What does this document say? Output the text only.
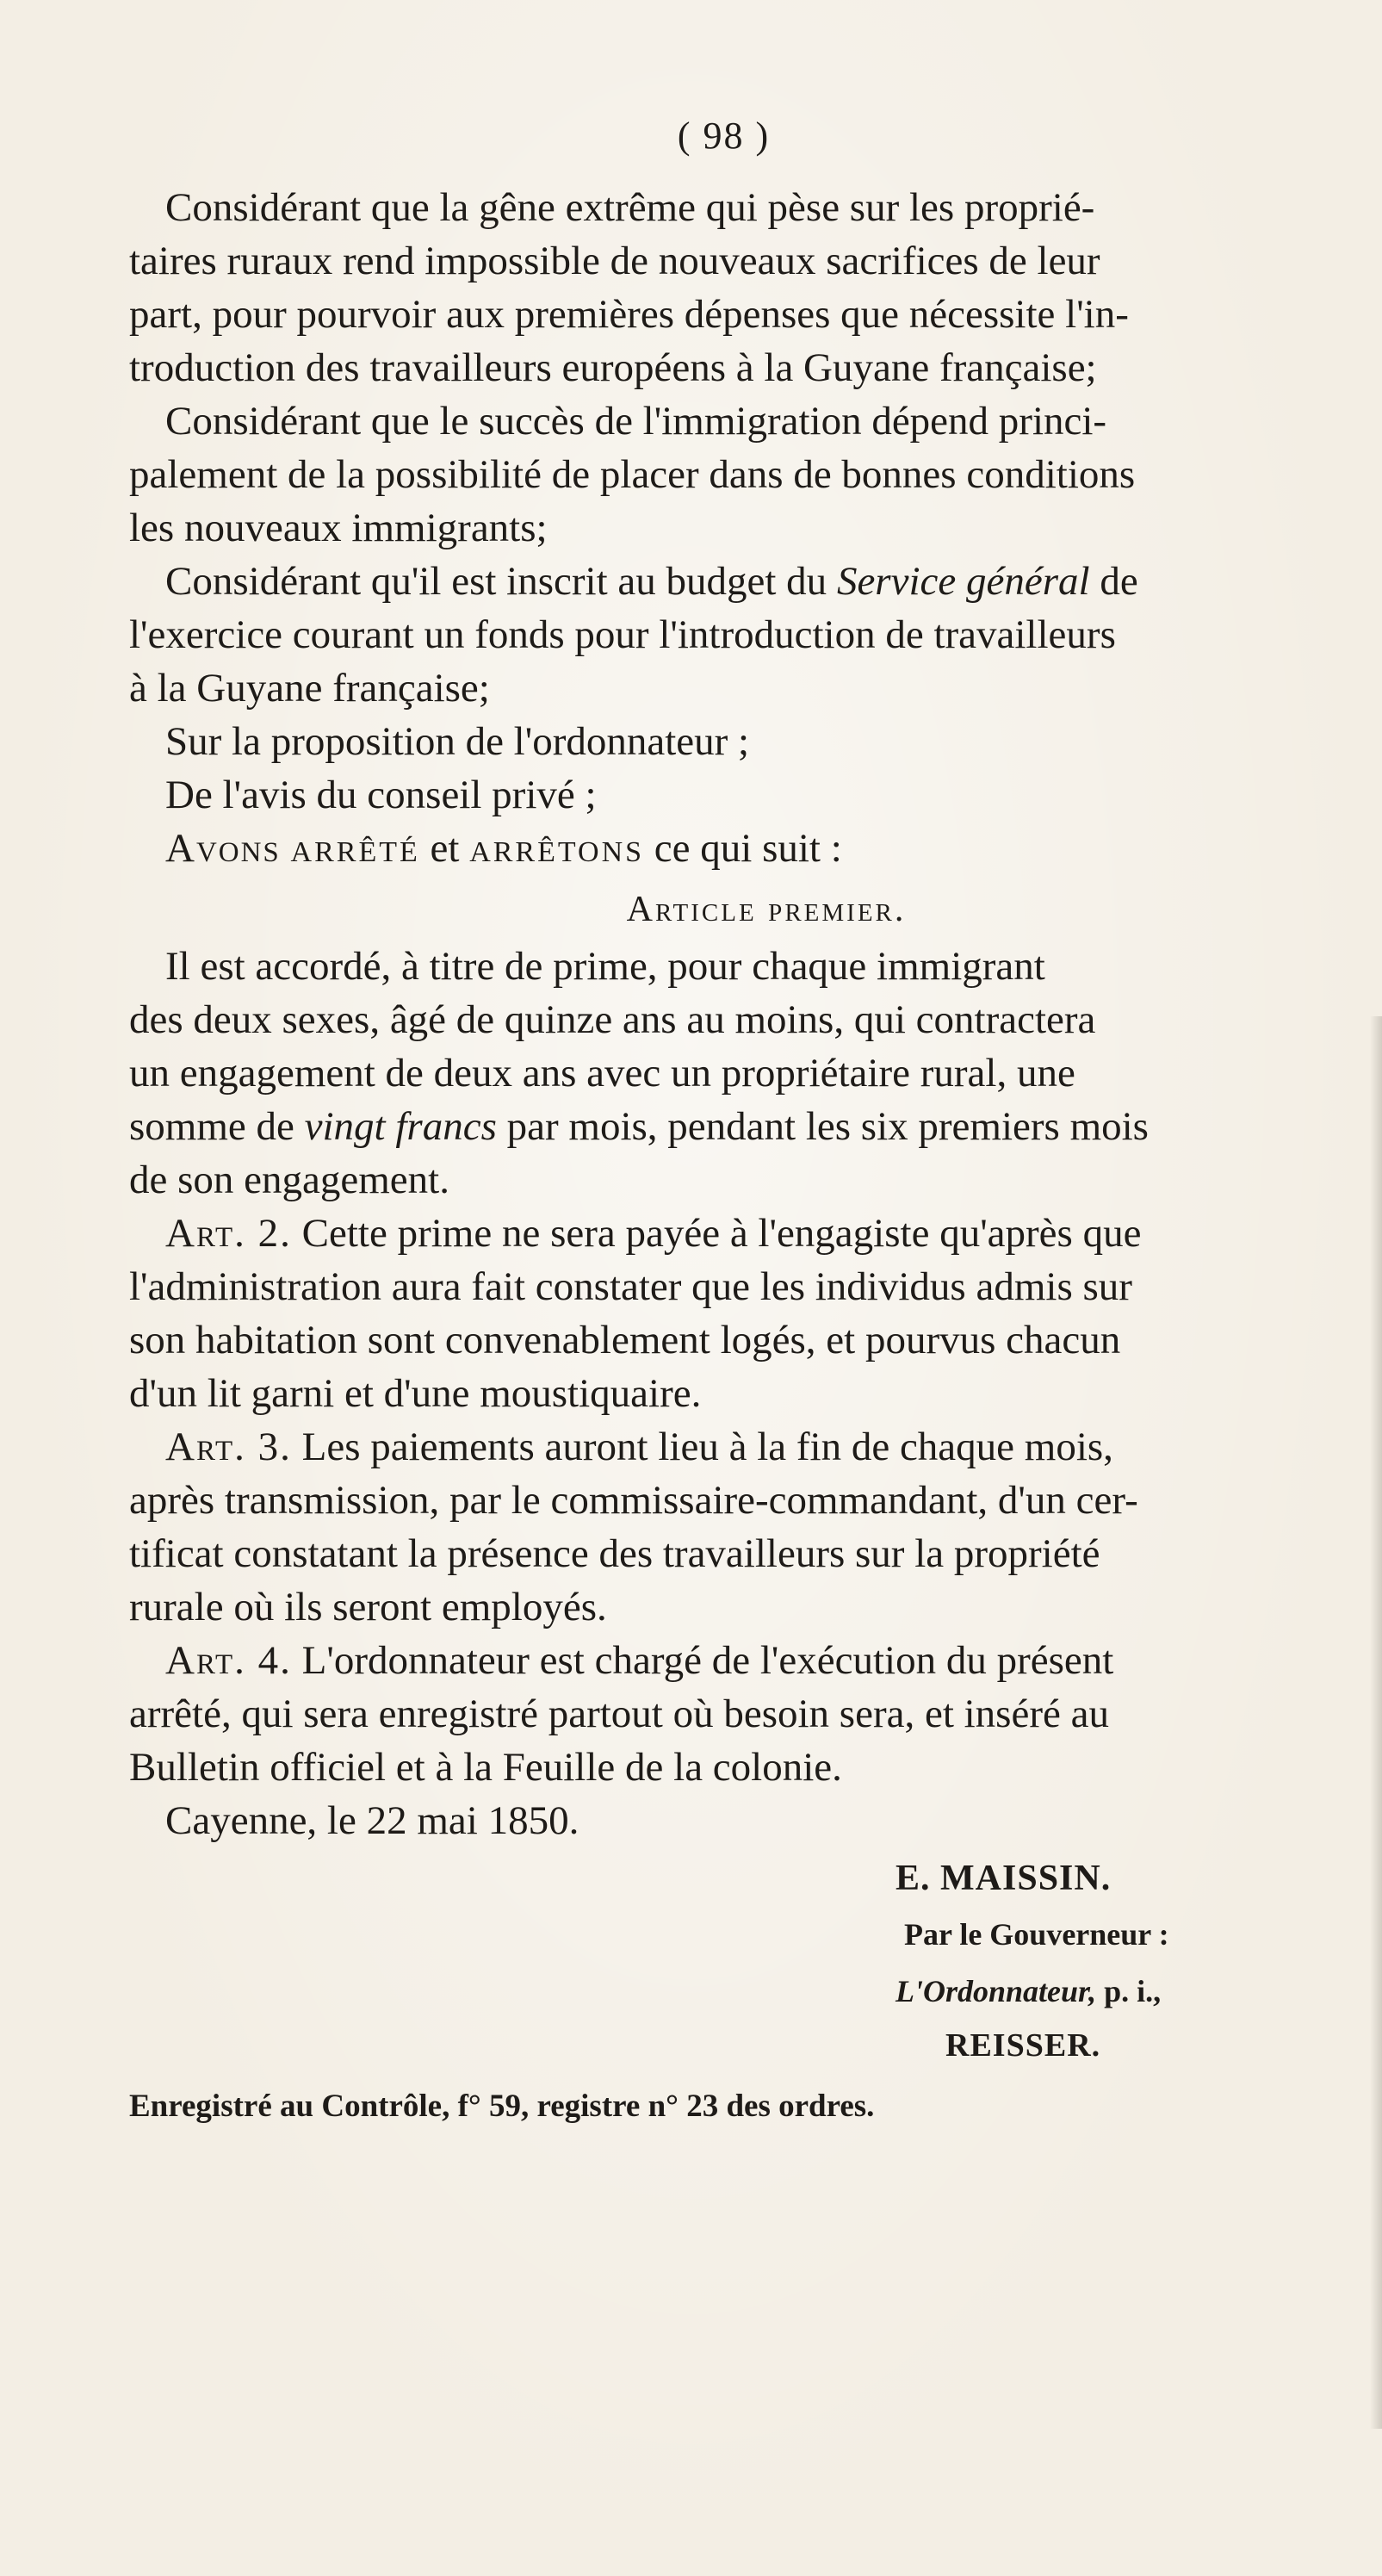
( 98 )
Considérant que la gêne extrême qui pèse sur les proprié-
taires ruraux rend impossible de nouveaux sacrifices de leur
part, pour pourvoir aux premières dépenses que nécessite l'in-
troduction des travailleurs européens à la Guyane française;
Considérant que le succès de l'immigration dépend princi-
palement de la possibilité de placer dans de bonnes conditions
les nouveaux immigrants;
Considérant qu'il est inscrit au budget du Service général de
l'exercice courant un fonds pour l'introduction de travailleurs
à la Guyane française;
Sur la proposition de l'ordonnateur ;
De l'avis du conseil privé ;
Avons ARRÊTÉ et ARRÊTONS ce qui suit :
Article premier.
Il est accordé, à titre de prime, pour chaque immigrant
des deux sexes, âgé de quinze ans au moins, qui contractera
un engagement de deux ans avec un propriétaire rural, une
somme de vingt francs par mois, pendant les six premiers mois
de son engagement.
Art. 2. Cette prime ne sera payée à l'engagiste qu'après que
l'administration aura fait constater que les individus admis sur
son habitation sont convenablement logés, et pourvus chacun
d'un lit garni et d'une moustiquaire.
Art. 3. Les paiements auront lieu à la fin de chaque mois,
après transmission, par le commissaire-commandant, d'un cer-
tificat constatant la présence des travailleurs sur la propriété
rurale où ils seront employés.
Art. 4. L'ordonnateur est chargé de l'exécution du présent
arrêté, qui sera enregistré partout où besoin sera, et inséré au
Bulletin officiel et à la Feuille de la colonie.
Cayenne, le 22 mai 1850.
E. MAISSIN.
Par le Gouverneur :
L'Ordonnateur, p. i.,
REISSER.
Enregistré au Contrôle, f° 59, registre n° 23 des ordres.
